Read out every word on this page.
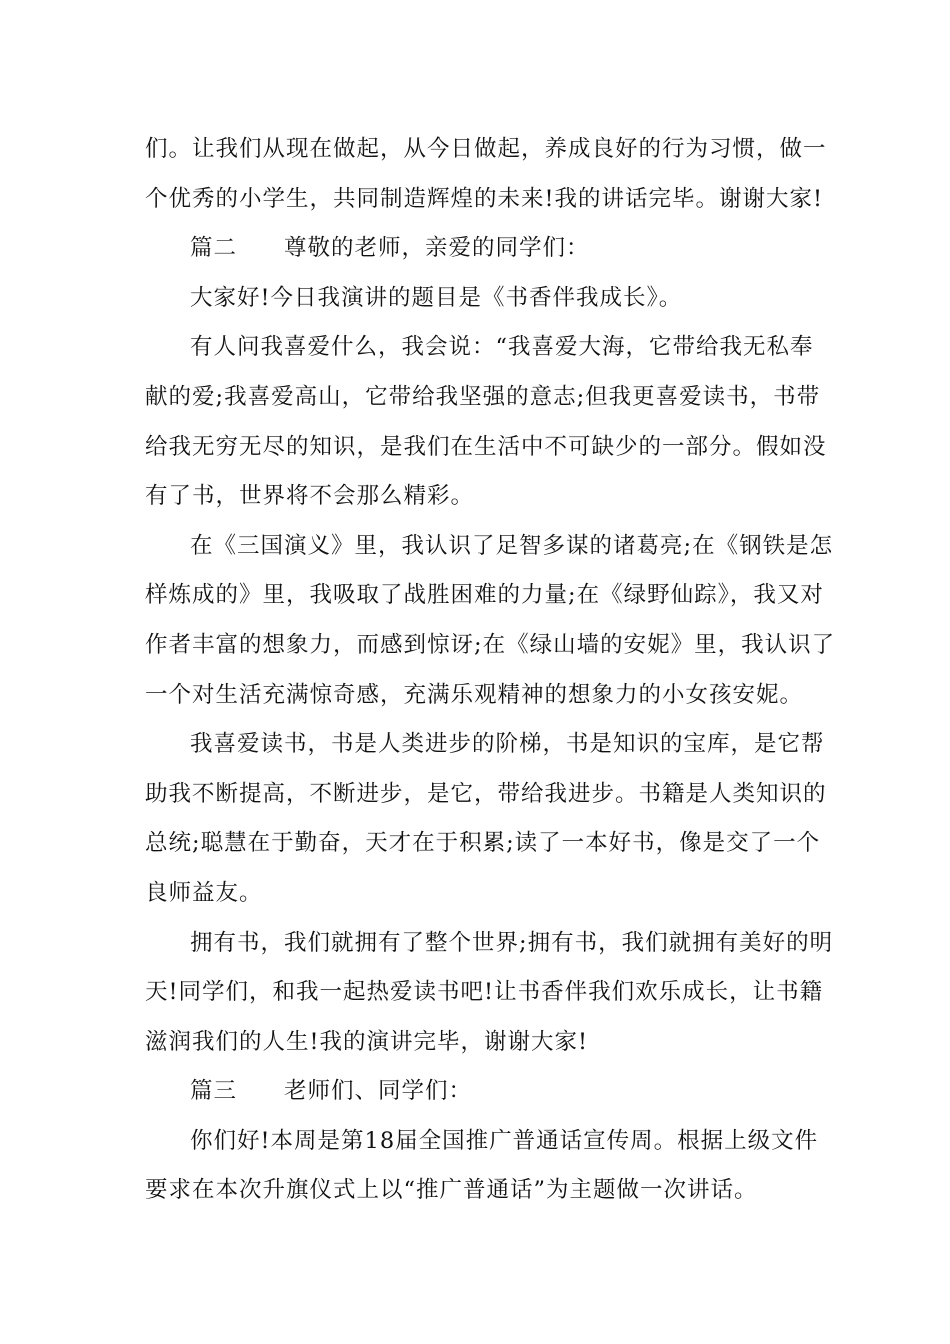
们。让我们从现在做起，从今日做起，养成良好的行为习惯，做一
个优秀的小学生，共同制造辉煌的未来!我的讲话完毕。谢谢大家!
篇二 尊敬的老师，亲爱的同学们：
大家好!今日我演讲的题目是《书香伴我成长》。
有人问我喜爱什么，我会说：“我喜爱大海，它带给我无私奉
献的爱;我喜爱高山，它带给我坚强的意志;但我更喜爱读书，书带
给我无穷无尽的知识，是我们在生活中不可缺少的一部分。假如没
有了书，世界将不会那么精彩。
在《三国演义》里，我认识了足智多谋的诸葛亮;在《钢铁是怎
样炼成的》里，我吸取了战胜困难的力量;在《绿野仙踪》，我又对
作者丰富的想象力，而感到惊讶;在《绿山墙的安妮》里，我认识了
一个对生活充满惊奇感，充满乐观精神的想象力的小女孩安妮。
我喜爱读书，书是人类进步的阶梯，书是知识的宝库，是它帮
助我不断提高，不断进步，是它，带给我进步。书籍是人类知识的
总统;聪慧在于勤奋，天才在于积累;读了一本好书，像是交了一个
良师益友。
拥有书，我们就拥有了整个世界;拥有书，我们就拥有美好的明
天!同学们，和我一起热爱读书吧!让书香伴我们欢乐成长，让书籍
滋润我们的人生!我的演讲完毕，谢谢大家!
篇三 老师们、同学们：
你们好!本周是第18届全国推广普通话宣传周。根据上级文件
要求在本次升旗仪式上以“推广普通话”为主题做一次讲话。
